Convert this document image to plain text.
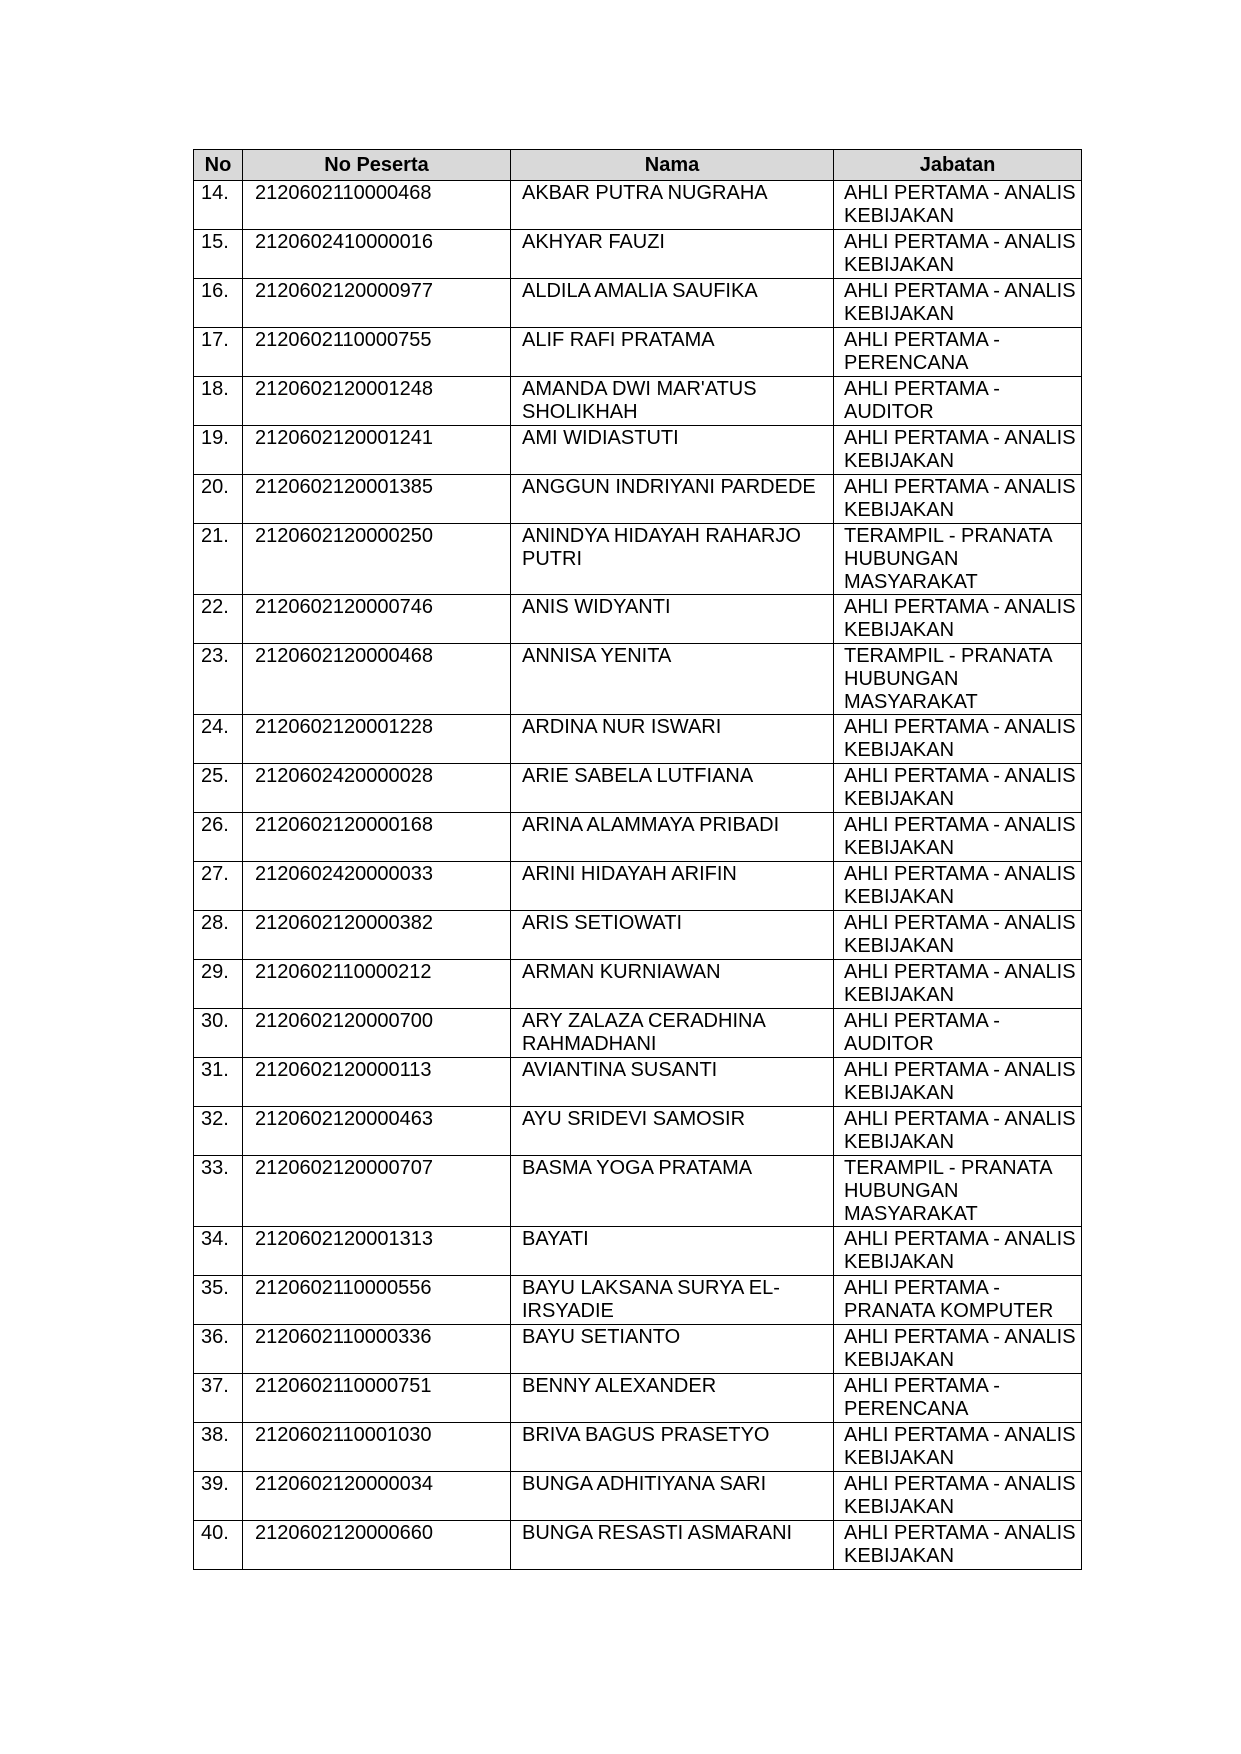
No	No Peserta	Nama	Jabatan
14.	2120602110000468	AKBAR PUTRA NUGRAHA	AHLI PERTAMA - ANALIS KEBIJAKAN
15.	2120602410000016	AKHYAR FAUZI	AHLI PERTAMA - ANALIS KEBIJAKAN
16.	2120602120000977	ALDILA AMALIA SAUFIKA	AHLI PERTAMA - ANALIS KEBIJAKAN
17.	2120602110000755	ALIF RAFI PRATAMA	AHLI PERTAMA - PERENCANA
18.	2120602120001248	AMANDA DWI MAR'ATUS SHOLIKHAH	AHLI PERTAMA - AUDITOR
19.	2120602120001241	AMI WIDIASTUTI	AHLI PERTAMA - ANALIS KEBIJAKAN
20.	2120602120001385	ANGGUN INDRIYANI PARDEDE	AHLI PERTAMA - ANALIS KEBIJAKAN
21.	2120602120000250	ANINDYA HIDAYAH RAHARJO PUTRI	TERAMPIL - PRANATA HUBUNGAN MASYARAKAT
22.	2120602120000746	ANIS WIDYANTI	AHLI PERTAMA - ANALIS KEBIJAKAN
23.	2120602120000468	ANNISA YENITA	TERAMPIL - PRANATA HUBUNGAN MASYARAKAT
24.	2120602120001228	ARDINA NUR ISWARI	AHLI PERTAMA - ANALIS KEBIJAKAN
25.	2120602420000028	ARIE SABELA LUTFIANA	AHLI PERTAMA - ANALIS KEBIJAKAN
26.	2120602120000168	ARINA ALAMMAYA PRIBADI	AHLI PERTAMA - ANALIS KEBIJAKAN
27.	2120602420000033	ARINI HIDAYAH ARIFIN	AHLI PERTAMA - ANALIS KEBIJAKAN
28.	2120602120000382	ARIS SETIOWATI	AHLI PERTAMA - ANALIS KEBIJAKAN
29.	2120602110000212	ARMAN KURNIAWAN	AHLI PERTAMA - ANALIS KEBIJAKAN
30.	2120602120000700	ARY ZALAZA CERADHINA RAHMADHANI	AHLI PERTAMA - AUDITOR
31.	2120602120000113	AVIANTINA SUSANTI	AHLI PERTAMA - ANALIS KEBIJAKAN
32.	2120602120000463	AYU SRIDEVI SAMOSIR	AHLI PERTAMA - ANALIS KEBIJAKAN
33.	2120602120000707	BASMA YOGA PRATAMA	TERAMPIL - PRANATA HUBUNGAN MASYARAKAT
34.	2120602120001313	BAYATI	AHLI PERTAMA - ANALIS KEBIJAKAN
35.	2120602110000556	BAYU LAKSANA SURYA EL-IRSYADIE	AHLI PERTAMA - PRANATA KOMPUTER
36.	2120602110000336	BAYU SETIANTO	AHLI PERTAMA - ANALIS KEBIJAKAN
37.	2120602110000751	BENNY ALEXANDER	AHLI PERTAMA - PERENCANA
38.	2120602110001030	BRIVA BAGUS PRASETYO	AHLI PERTAMA - ANALIS KEBIJAKAN
39.	2120602120000034	BUNGA ADHITIYANA SARI	AHLI PERTAMA - ANALIS KEBIJAKAN
40.	2120602120000660	BUNGA RESASTI ASMARANI	AHLI PERTAMA - ANALIS KEBIJAKAN
